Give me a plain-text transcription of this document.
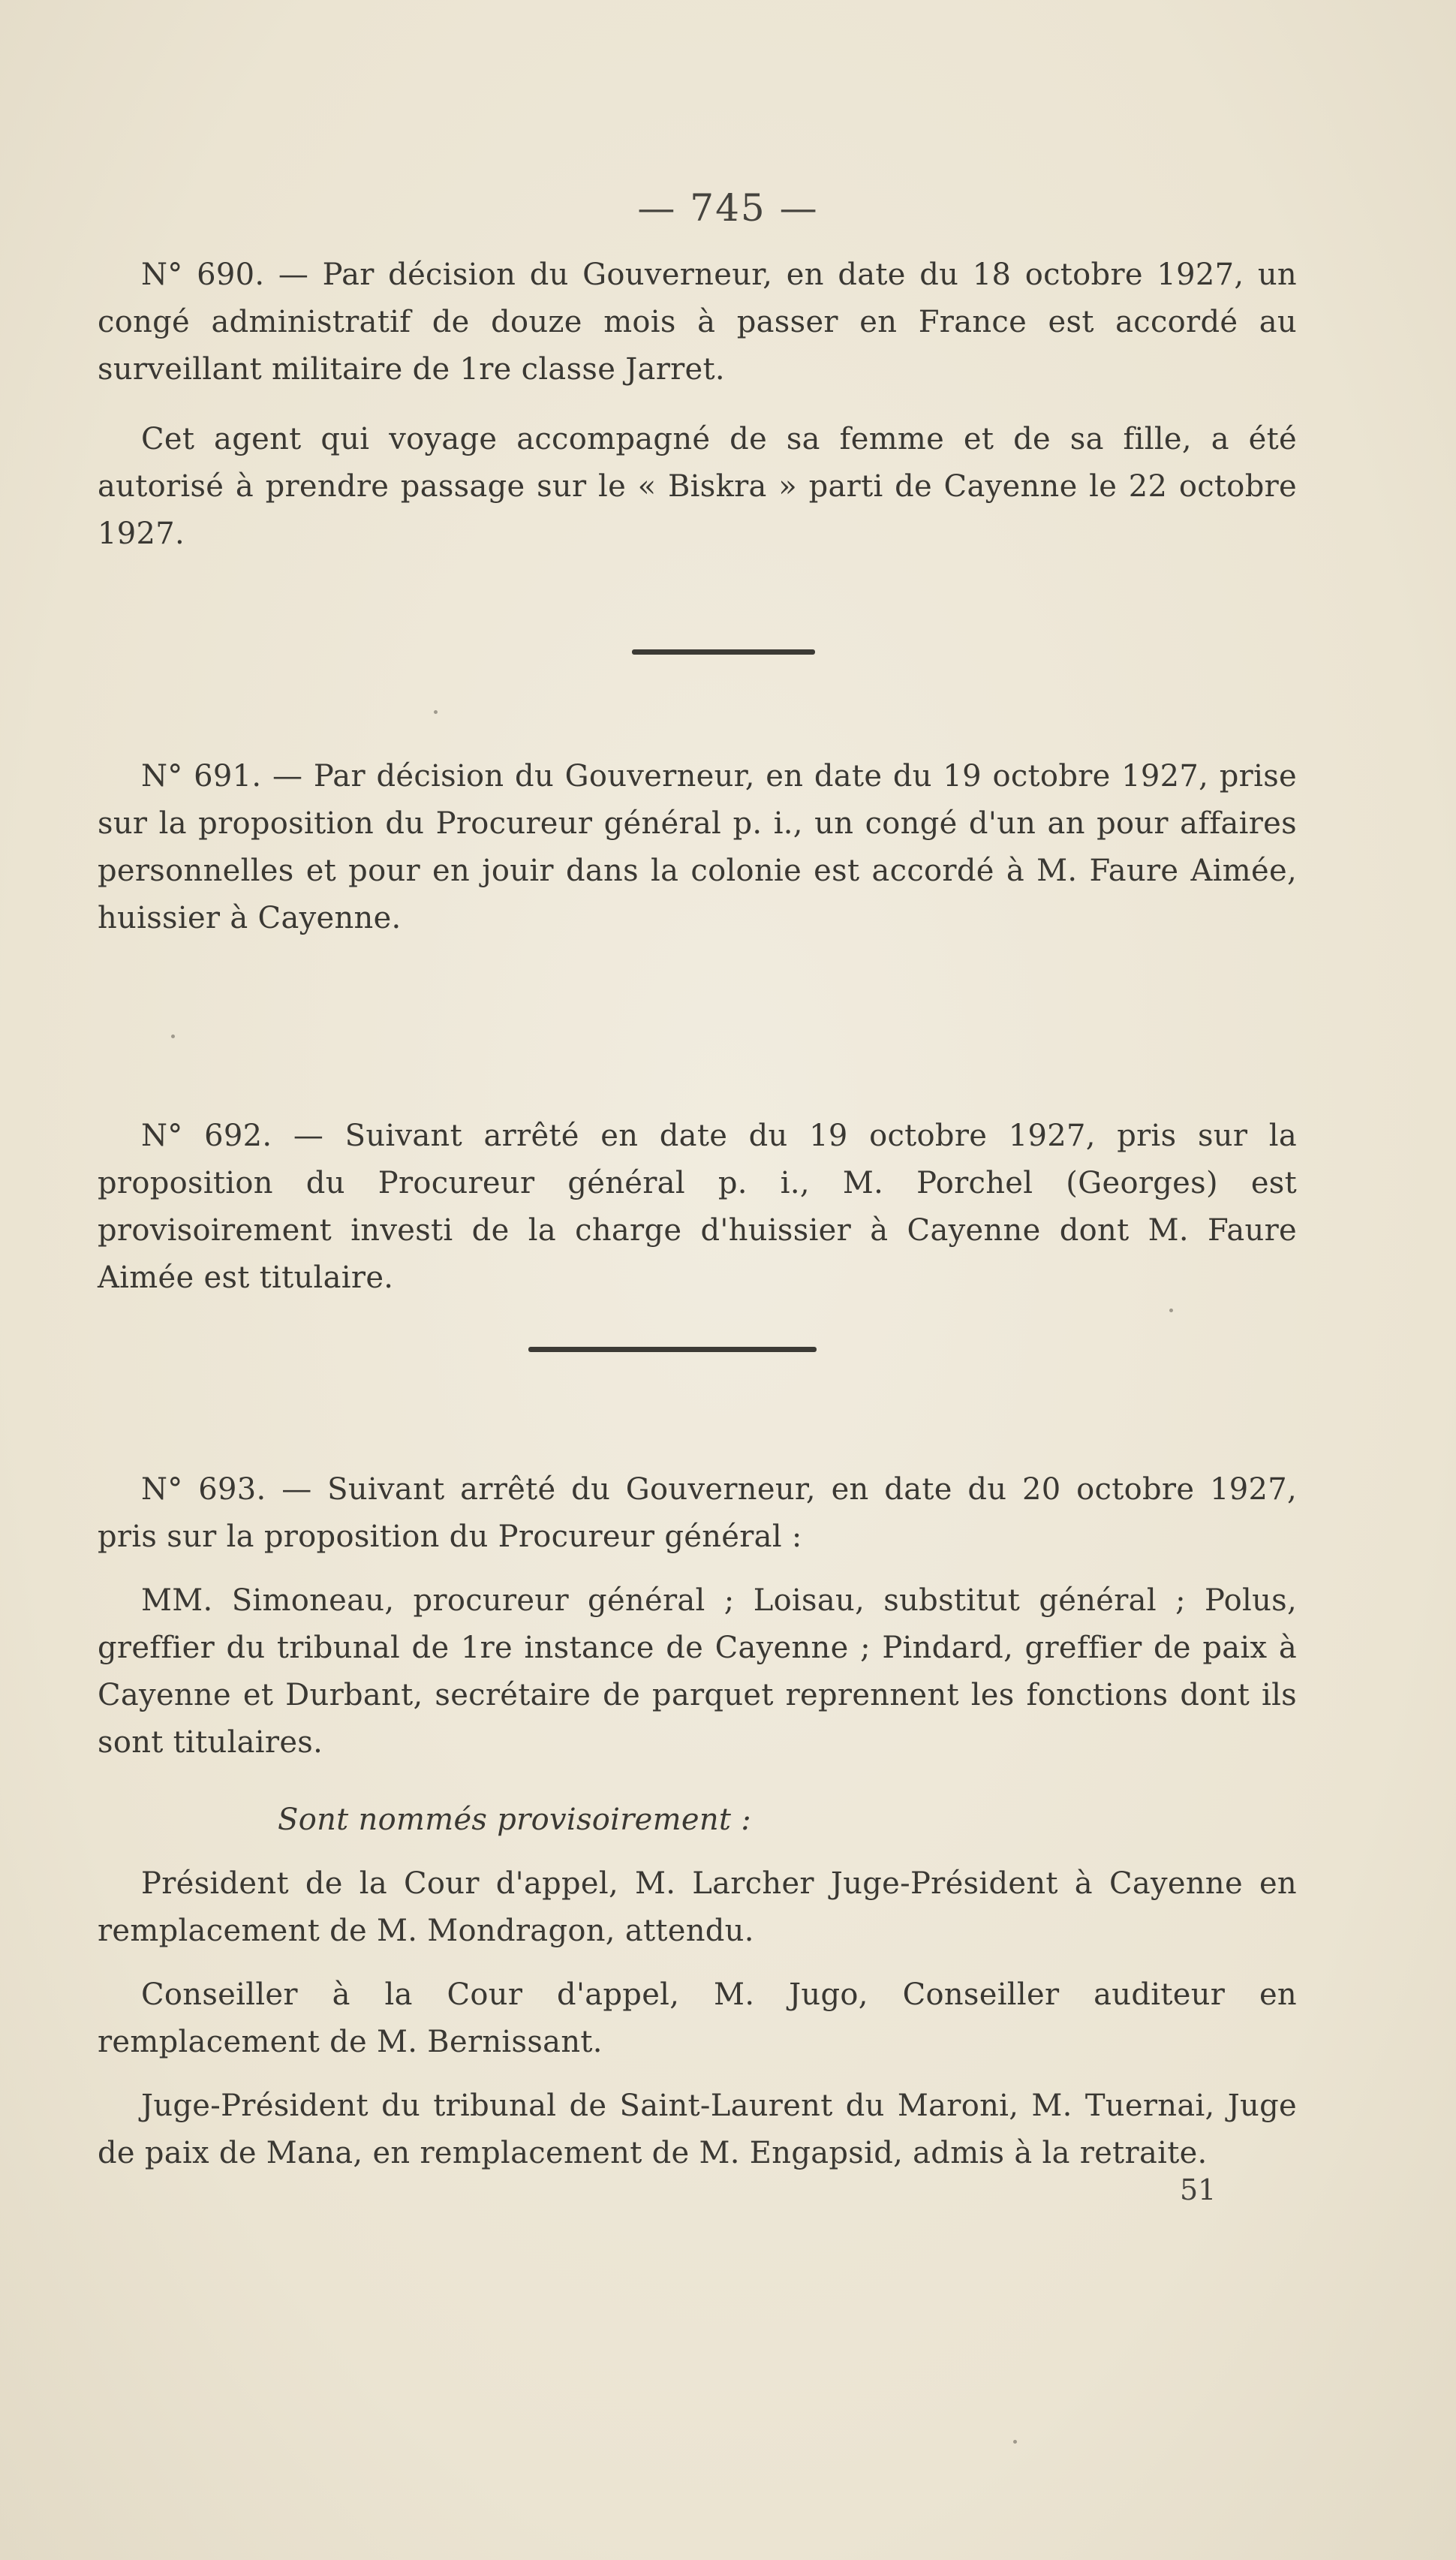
— 745 —

N° 690. — Par décision du Gouverneur, en date du 18 octobre 1927, un congé administratif de douze mois à passer en France est accordé au surveillant militaire de 1re classe Jarret.

Cet agent qui voyage accompagné de sa femme et de sa fille, a été autorisé à prendre passage sur le « Biskra » parti de Cayenne le 22 octobre 1927.

N° 691. — Par décision du Gouverneur, en date du 19 octobre 1927, prise sur la proposition du Procureur général p. i., un congé d'un an pour affaires personnelles et pour en jouir dans la colonie est accordé à M. Faure Aimée, huissier à Cayenne.

N° 692. — Suivant arrêté en date du 19 octobre 1927, pris sur la proposition du Procureur général p. i., M. Porchel (Georges) est provisoirement investi de la charge d'huissier à Cayenne dont M. Faure Aimée est titulaire.

N° 693. — Suivant arrêté du Gouverneur, en date du 20 octobre 1927, pris sur la proposition du Procureur général :

MM. Simoneau, procureur général ; Loisau, substitut général ; Polus, greffier du tribunal de 1re instance de Cayenne ; Pindard, greffier de paix à Cayenne et Durbant, secrétaire de parquet reprennent les fonctions dont ils sont titulaires.

Sont nommés provisoirement :

Président de la Cour d'appel, M. Larcher Juge-Président à Cayenne en remplacement de M. Mondragon, attendu.

Conseiller à la Cour d'appel, M. Jugo, Conseiller auditeur en remplacement de M. Bernissant.

Juge-Président du tribunal de Saint-Laurent du Maroni, M. Tuernai, Juge de paix de Mana, en remplacement de M. Engapsid, admis à la retraite.

51
